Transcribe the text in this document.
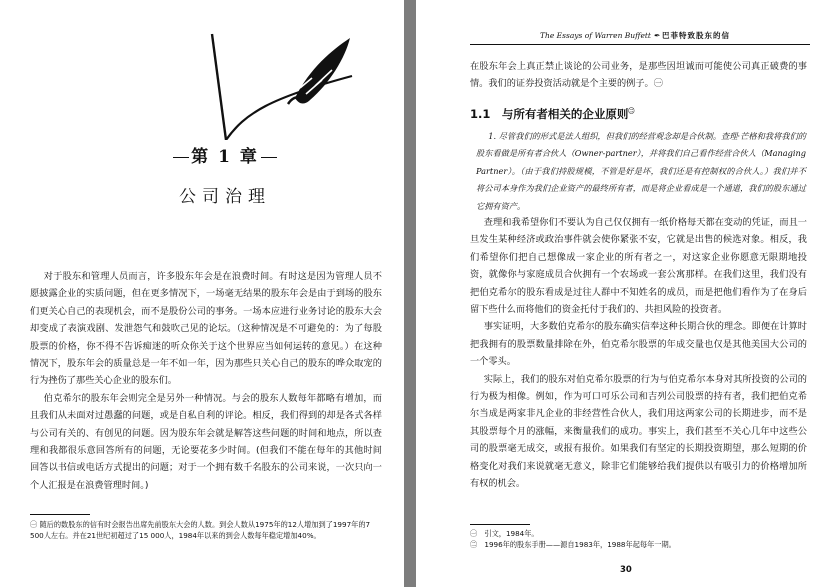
第 1 章
公司治理

对于股东和管理人员而言，许多股东年会是在浪费时间。有时这是因为管理人员不愿披露企业的实质问题，但在更多情况下，一场毫无结果的股东年会是由于到场的股东们更关心自己的表现机会，而不是股份公司的事务。一场本应进行业务讨论的股东大会却变成了表演戏剧、发泄怨气和鼓吹己见的论坛。（这种情况是不可避免的：为了每股股票的价格，你不得不告诉痴迷的听众你关于这个世界应当如何运转的意见。）在这种情况下，股东年会的质量总是一年不如一年，因为那些只关心自己的股东的哗众取宠的行为挫伤了那些关心企业的股东们。

伯克希尔的股东年会则完全是另外一种情况。与会的股东人数每年都略有增加，而且我们从未面对过愚蠢的问题，或是自私自利的评论。相反，我们得到的却是各式各样与公司有关的、有创见的问题。因为股东年会就是解答这些问题的时间和地点，所以查理和我都很乐意回答所有的问题，无论要花多少时间。(但我们不能在每年的其他时间回答以书信或电话方式提出的问题；对于一个拥有数千名股东的公司来说，一次只向一个人汇报是在浪费管理时间。)

㊀ 随后的数股东的信有时会报告出席先前股东大会的人数。到会人数从1975年的12人增加到了1997年的7 500人左右。并在21世纪初超过了15 000人，1984年以来的到会人数每年稳定增加40%。
The Essays of Warren Buffett ✒ 巴菲特致股东的信

在股东年会上真正禁止谈论的公司业务，是那些因坦诚而可能使公司真正破费的事情。我们的证券投资活动就是个主要的例子。㊀

1.1　与所有者相关的企业原则$^㊁$

1. 尽管我们的形式是法人组织，但我们的经营观念却是合伙制。查理·芒格和我将我们的股东看做是所有者合伙人（Owner-partner），并将我们自己看作经营合伙人（Managing Partner）。（由于我们持股规模，不管是好是坏，我们还是有控制权的合伙人。）我们并不将公司本身作为我们企业资产的最终所有者，而是将企业看成是一个通道，我们的股东通过它拥有资产。

查理和我希望你们不要认为自己仅仅拥有一纸价格每天都在变动的凭证，而且一旦发生某种经济或政治事件就会使你紧张不安，它就是出售的候选对象。相反，我们希望你们把自己想像成一家企业的所有者之一，对这家企业你愿意无限期地投资，就像你与家庭成员合伙拥有一个农场或一套公寓那样。在我们这里，我们没有把伯克希尔的股东看成是过往人群中不知姓名的成员，而是把他们看作为了在身后留下些什么而将他们的资金托付于我们的、共担风险的投资者。

事实证明，大多数伯克希尔的股东确实信奉这种长期合伙的理念。即便在计算时把我拥有的股票数量排除在外，伯克希尔股票的年成交量也仅是其他美国大公司的一个零头。

实际上，我们的股东对伯克希尔股票的行为与伯克希尔本身对其所投资的公司的行为极为相像。例如，作为可口可乐公司和吉列公司股票的持有者，我们把伯克希尔当成是两家非凡企业的非经营性合伙人，我们用这两家公司的长期进步，而不是其股票每个月的涨幅，来衡量我们的成功。事实上，我们甚至不关心几年中这些公司的股票毫无成交，或报有报价。如果我们有坚定的长期投资期望，那么短期的价格变化对我们来说就毫无意义，除非它们能够给我们提供以有吸引力的价格增加所有权的机会。

㊀　引文，1984年。
㊁　1996年的股东手册——源自1983年，1988年起每年一期。
30
